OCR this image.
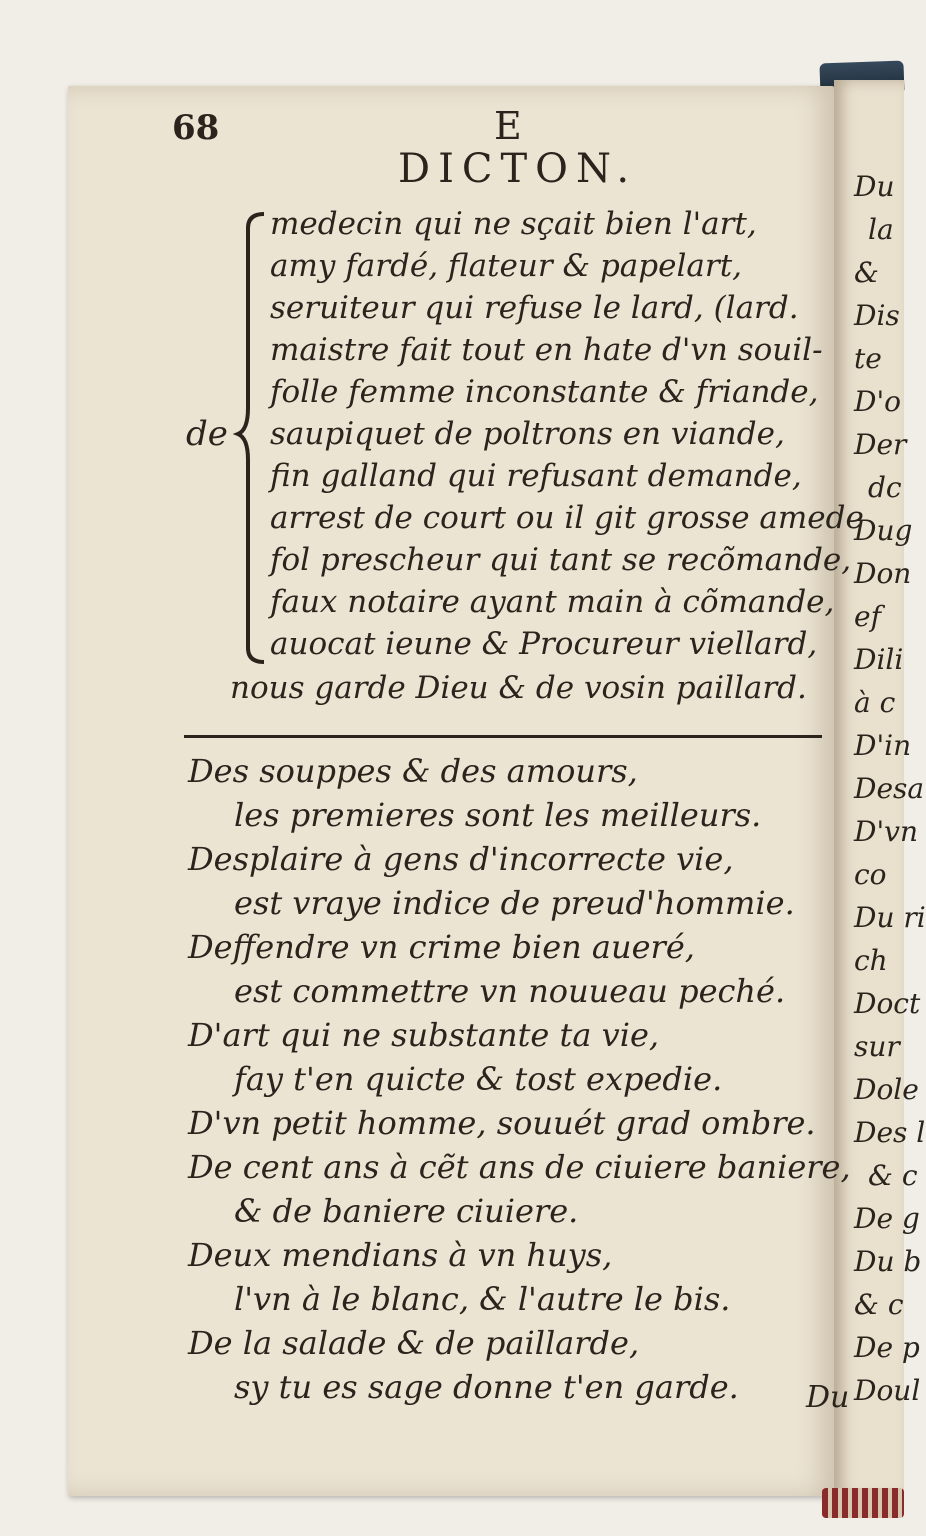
Du
la
&
Dis
te
D'o
Der
dc
Dug
Don
ef
Dili
à c
D'in
Desa
D'vn
co
Du ri
ch
Doct
sur
Dole
Des l
& c
De g
Du b
& c
De p
Doul
68	E
DICTON.
de
medecin qui ne sçait bien l'art,
amy fardé, flateur & papelart,
seruiteur qui refuse le lard, (lard.
maistre fait tout en hate d'vn souil-
folle femme inconstante & friande,
saupiquet de poltrons en viande,
fin galland qui refusant demande,
arrest de court ou il git grosse amede
fol prescheur qui tant se recõmande,
faux notaire ayant main à cõmande,
auocat ieune & Procureur viellard,
nous garde Dieu & de vosin paillard.
Des souppes & des amours,
les premieres sont les meilleurs.
Desplaire à gens d'incorrecte vie,
est vraye indice de preud'hommie.
Deffendre vn crime bien aueré,
est commettre vn nouueau peché.
D'art qui ne substante ta vie,
fay t'en quicte & tost expedie.
D'vn petit homme, souuét grad ombre.
De cent ans à cẽt ans de ciuiere baniere,
& de baniere ciuiere.
Deux mendians à vn huys,
l'vn à le blanc, & l'autre le bis.
De la salade & de paillarde,
sy tu es sage donne t'en garde. Du
